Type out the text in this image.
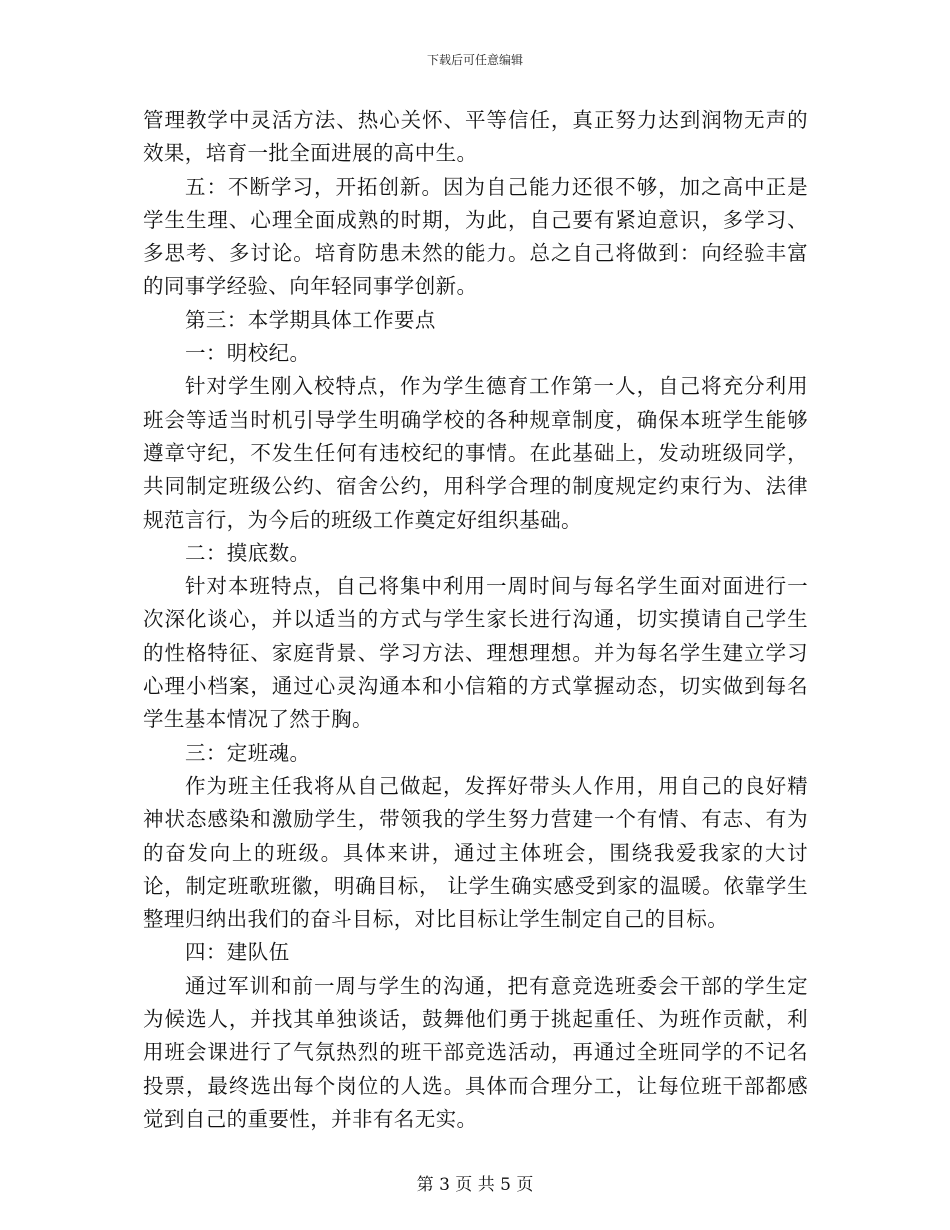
下载后可任意编辑

管理教学中灵活方法、热心关怀、平等信任，真正努力达到润物无声的效果，培育一批全面进展的高中生。

五：不断学习，开拓创新。因为自己能力还很不够，加之高中正是学生生理、心理全面成熟的时期，为此，自己要有紧迫意识，多学习、多思考、多讨论。培育防患未然的能力。总之自己将做到：向经验丰富的同事学经验、向年轻同事学创新。

第三：本学期具体工作要点

一：明校纪。

针对学生刚入校特点，作为学生德育工作第一人，自己将充分利用班会等适当时机引导学生明确学校的各种规章制度，确保本班学生能够遵章守纪，不发生任何有违校纪的事情。在此基础上，发动班级同学，共同制定班级公约、宿舍公约，用科学合理的制度规定约束行为、法律规范言行，为今后的班级工作奠定好组织基础。

二：摸底数。

针对本班特点，自己将集中利用一周时间与每名学生面对面进行一次深化谈心，并以适当的方式与学生家长进行沟通，切实摸请自己学生的性格特征、家庭背景、学习方法、理想理想。并为每名学生建立学习心理小档案，通过心灵沟通本和小信箱的方式掌握动态，切实做到每名学生基本情况了然于胸。

三：定班魂。

作为班主任我将从自己做起，发挥好带头人作用，用自己的良好精神状态感染和激励学生，带领我的学生努力营建一个有情、有志、有为的奋发向上的班级。具体来讲，通过主体班会，围绕我爱我家的大讨论，制定班歌班徽，明确目标， 让学生确实感受到家的温暖。依靠学生整理归纳出我们的奋斗目标，对比目标让学生制定自己的目标。

四：建队伍

通过军训和前一周与学生的沟通，把有意竞选班委会干部的学生定为候选人，并找其单独谈话，鼓舞他们勇于挑起重任、为班作贡献，利用班会课进行了气氛热烈的班干部竞选活动，再通过全班同学的不记名投票，最终选出每个岗位的人选。具体而合理分工，让每位班干部都感觉到自己的重要性，并非有名无实。

第 3 页 共 5 页
